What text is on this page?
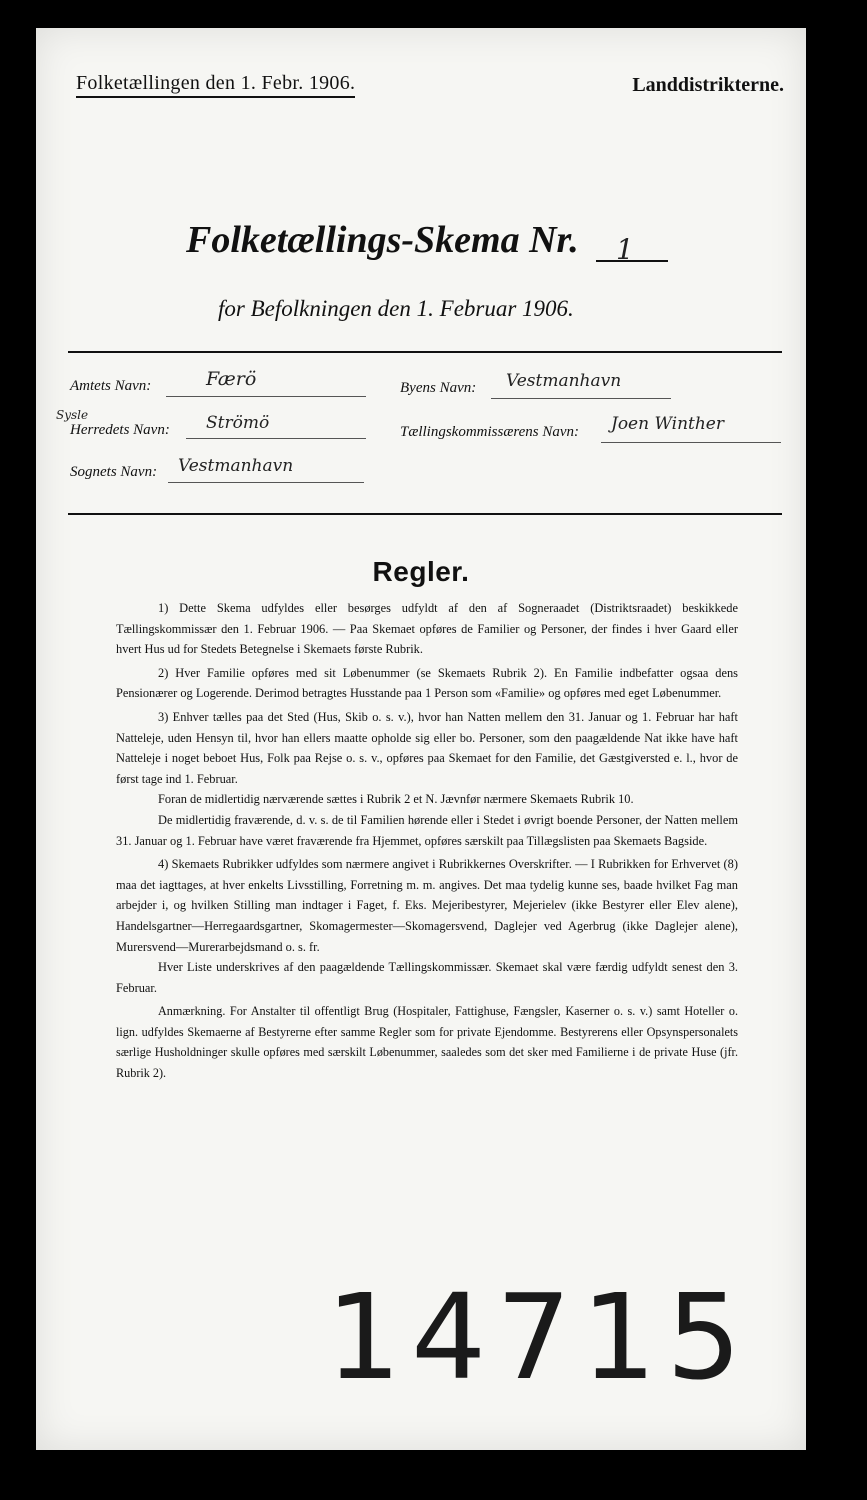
Folketællingen den 1. Febr. 1906.	Landdistrikterne.
Folketællings-Skema Nr. 1
for Befolkningen den 1. Februar 1906.
Amtets Navn:	Færö	Byens Navn: Vestmanhavn
Sysle
Herredets Navn: Strömö	Tællingskommissærens Navn: Joen Winther
Sognets Navn: Vestmanhavn
Regler.

1) Dette Skema udfyldes eller besørges udfyldt af den af Sogneraadet (Distriktsraadet) beskikkede Tællingskommissær den 1. Februar 1906. — Paa Skemaet opføres de Familier og Personer, der findes i hver Gaard eller hvert Hus ud for Stedets Betegnelse i Skemaets første Rubrik.

2) Hver Familie opføres med sit Løbenummer (se Skemaets Rubrik 2). En Familie indbefatter ogsaa dens Pensionærer og Logerende. Derimod betragtes Husstande paa 1 Person som «Familie» og opføres med eget Løbenummer.

3) Enhver tælles paa det Sted (Hus, Skib o. s. v.), hvor han Natten mellem den 31. Januar og 1. Februar har haft Natteleje, uden Hensyn til, hvor han ellers maatte opholde sig eller bo. Personer, som den paagældende Nat ikke have haft Natteleje i noget beboet Hus, Folk paa Rejse o. s. v., opføres paa Skemaet for den Familie, det Gæstgiversted e. l., hvor de først tage ind 1. Februar.

Foran de midlertidig nærværende sættes i Rubrik 2 et N. Jævnfør nærmere Skemaets Rubrik 10.

De midlertidig fraværende, d. v. s. de til Familien hørende eller i Stedet i øvrigt boende Personer, der Natten mellem 31. Januar og 1. Februar have været fraværende fra Hjemmet, opføres særskilt paa Tillægslisten paa Skemaets Bagside.

4) Skemaets Rubrikker udfyldes som nærmere angivet i Rubrikkernes Overskrifter. — I Rubrikken for Erhvervet (8) maa det iagttages, at hver enkelts Livsstilling, Forretning m. m. angives. Det maa tydelig kunne ses, baade hvilket Fag man arbejder i, og hvilken Stilling man indtager i Faget, f. Eks. Mejeribestyrer, Mejerielev (ikke Bestyrer eller Elev alene), Handelsgartner—Herregaardsgartner, Skomagermester—Skomagersvend, Daglejer ved Agerbrug (ikke Daglejer alene), Murersvend—Murerarbejdsmand o. s. fr.

Hver Liste underskrives af den paagældende Tællingskommissær. Skemaet skal være færdig udfyldt senest den 3. Februar.

Anmærkning. For Anstalter til offentligt Brug (Hospitaler, Fattighuse, Fængsler, Kaserner o. s. v.) samt Hoteller o. lign. udfyldes Skemaerne af Bestyrerne efter samme Regler som for private Ejendomme. Bestyrerens eller Opsynspersonalets særlige Husholdninger skulle opføres med særskilt Løbenummer, saaledes som det sker med Familierne i de private Huse (jfr. Rubrik 2).

14715
